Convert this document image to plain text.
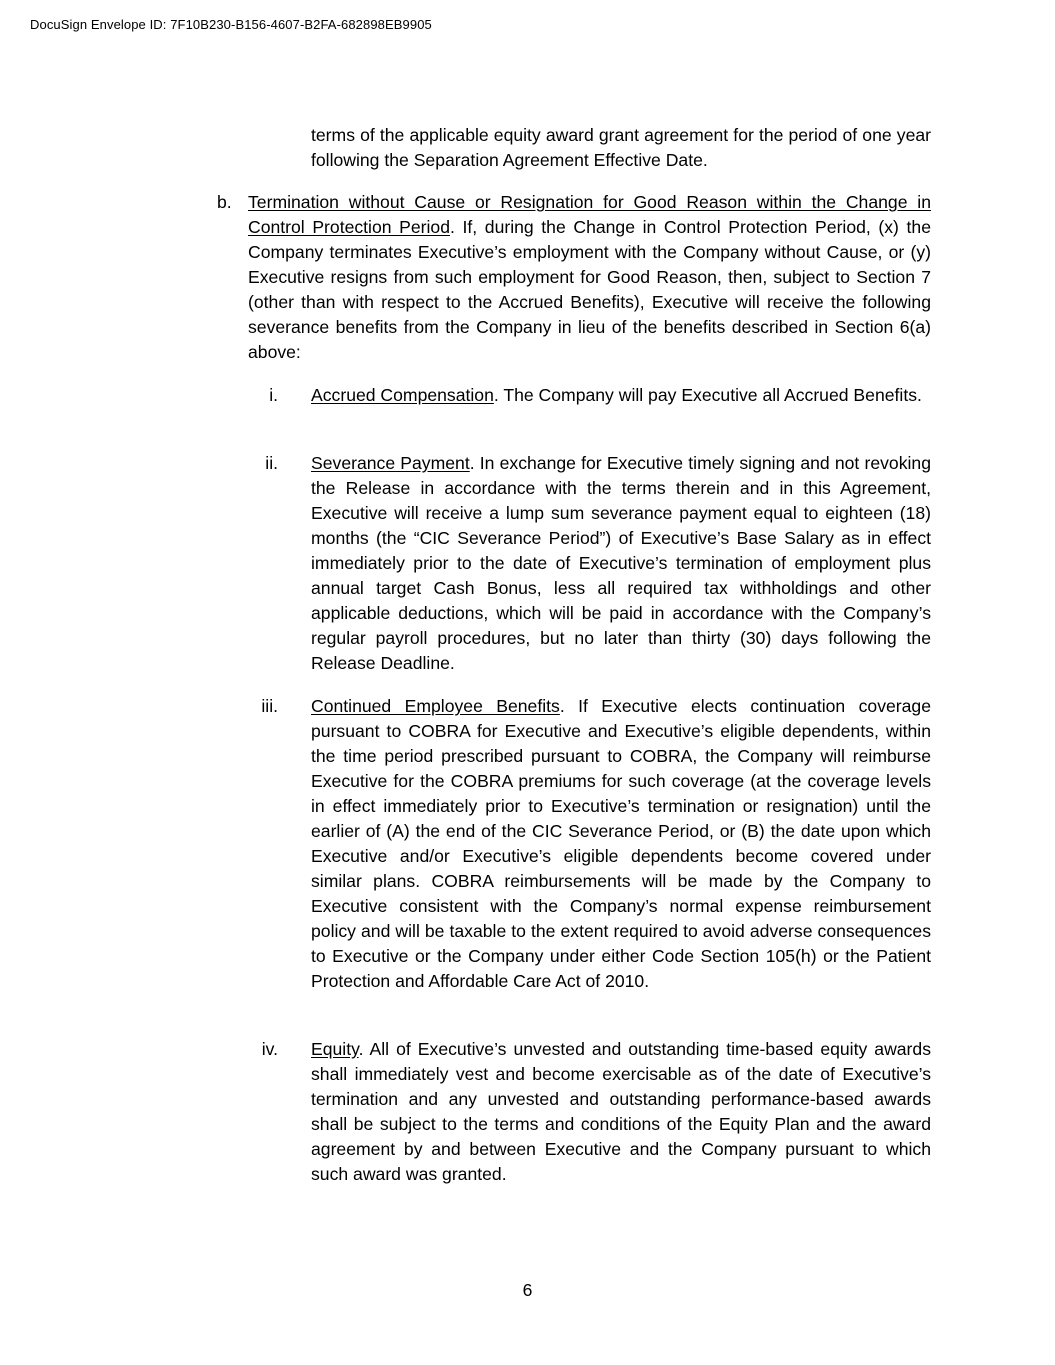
DocuSign Envelope ID: 7F10B230-B156-4607-B2FA-682898EB9905

terms of the applicable equity award grant agreement for the period of one year following the Separation Agreement Effective Date.

b. Termination without Cause or Resignation for Good Reason within the Change in Control Protection Period. If, during the Change in Control Protection Period, (x) the Company terminates Executive’s employment with the Company without Cause, or (y) Executive resigns from such employment for Good Reason, then, subject to Section 7 (other than with respect to the Accrued Benefits), Executive will receive the following severance benefits from the Company in lieu of the benefits described in Section 6(a) above:

i. Accrued Compensation. The Company will pay Executive all Accrued Benefits.

ii. Severance Payment. In exchange for Executive timely signing and not revoking the Release in accordance with the terms therein and in this Agreement, Executive will receive a lump sum severance payment equal to eighteen (18) months (the “CIC Severance Period”) of Executive’s Base Salary as in effect immediately prior to the date of Executive’s termination of employment plus annual target Cash Bonus, less all required tax withholdings and other applicable deductions, which will be paid in accordance with the Company’s regular payroll procedures, but no later than thirty (30) days following the Release Deadline.

iii. Continued Employee Benefits. If Executive elects continuation coverage pursuant to COBRA for Executive and Executive’s eligible dependents, within the time period prescribed pursuant to COBRA, the Company will reimburse Executive for the COBRA premiums for such coverage (at the coverage levels in effect immediately prior to Executive’s termination or resignation) until the earlier of (A) the end of the CIC Severance Period, or (B) the date upon which Executive and/or Executive’s eligible dependents become covered under similar plans. COBRA reimbursements will be made by the Company to Executive consistent with the Company’s normal expense reimbursement policy and will be taxable to the extent required to avoid adverse consequences to Executive or the Company under either Code Section 105(h) or the Patient Protection and Affordable Care Act of 2010.

iv. Equity. All of Executive’s unvested and outstanding time-based equity awards shall immediately vest and become exercisable as of the date of Executive’s termination and any unvested and outstanding performance-based awards shall be subject to the terms and conditions of the Equity Plan and the award agreement by and between Executive and the Company pursuant to which such award was granted.

6
